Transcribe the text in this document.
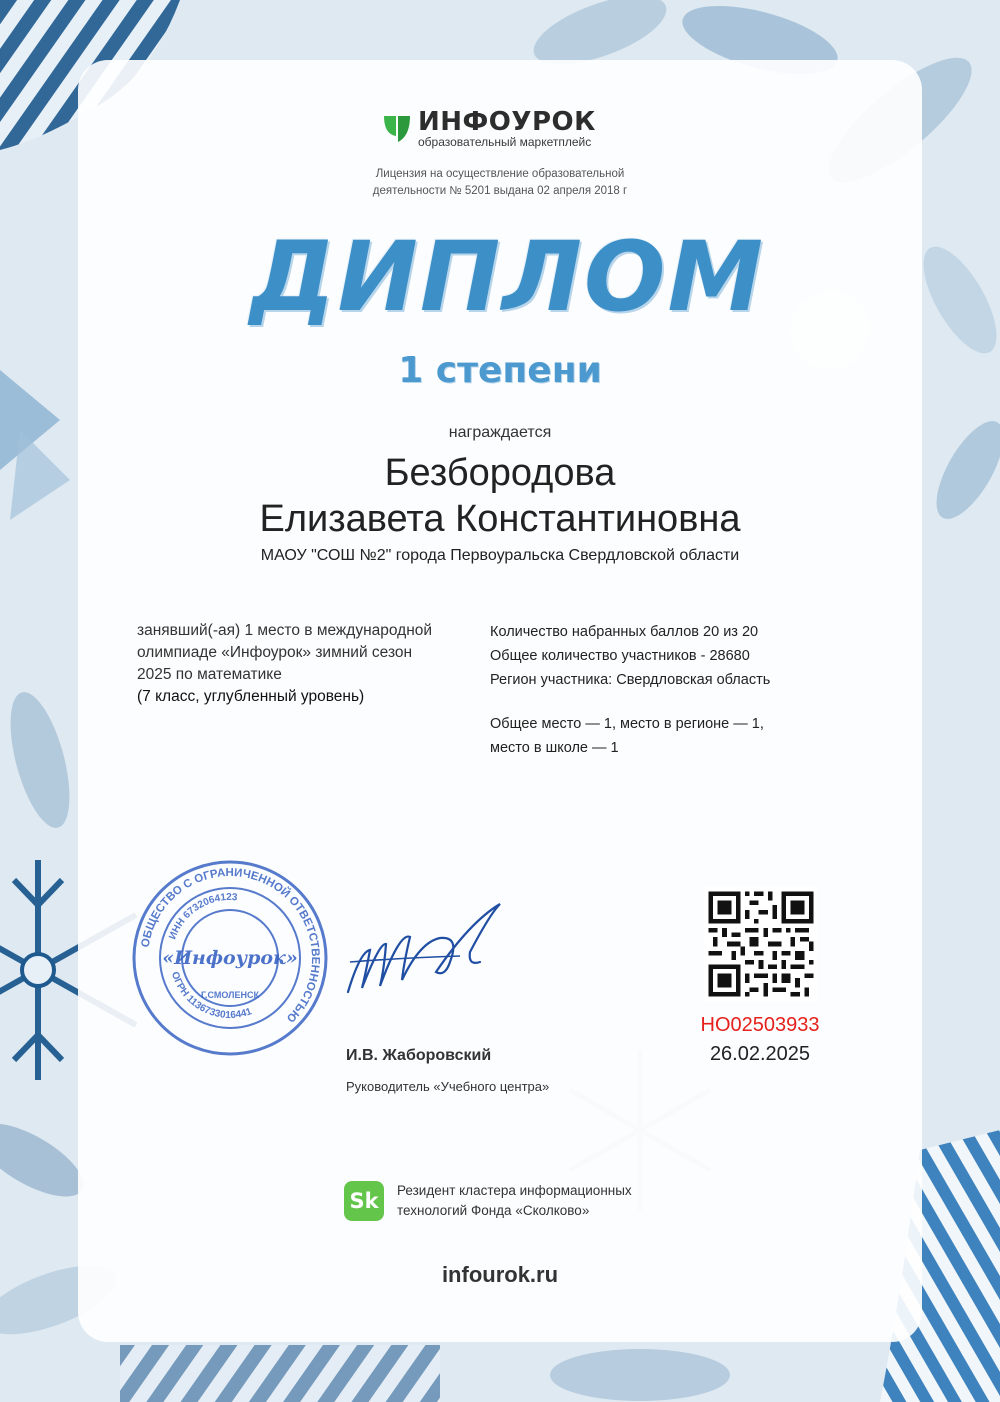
ИНФОУРОК
образовательный маркетплейс
Лицензия на осуществление образовательной
деятельности № 5201 выдана 02 апреля 2018 г
ДИПЛОМ
1 степени
награждается
Безбородова
Елизавета Константиновна
МАОУ "СОШ №2" города Первоуральска Свердловской области
занявший(-ая) 1 место в международной
олимпиаде «Инфоурок» зимний сезон
2025 по математике
(7 класс, углубленный уровень)
Количество набранных баллов 20 из 20
Общее количество участников - 28680
Регион участника: Свердловская область
Общее место — 1, место в регионе — 1,
место в школе — 1
ОБЩЕСТВО С ОГРАНИЧЕННОЙ ОТВЕТСТВЕННОСТЬЮ
ИНН 6732064123
ОГРН 1136733016441
«Инфоурок»
Г.СМОЛЕНСК
И.В. Жаборовский
Руководитель «Учебного центра»
НО02503933
26.02.2025
Sk	Резидент кластера информационных
технологий Фонда «Сколково»
infourok.ru
